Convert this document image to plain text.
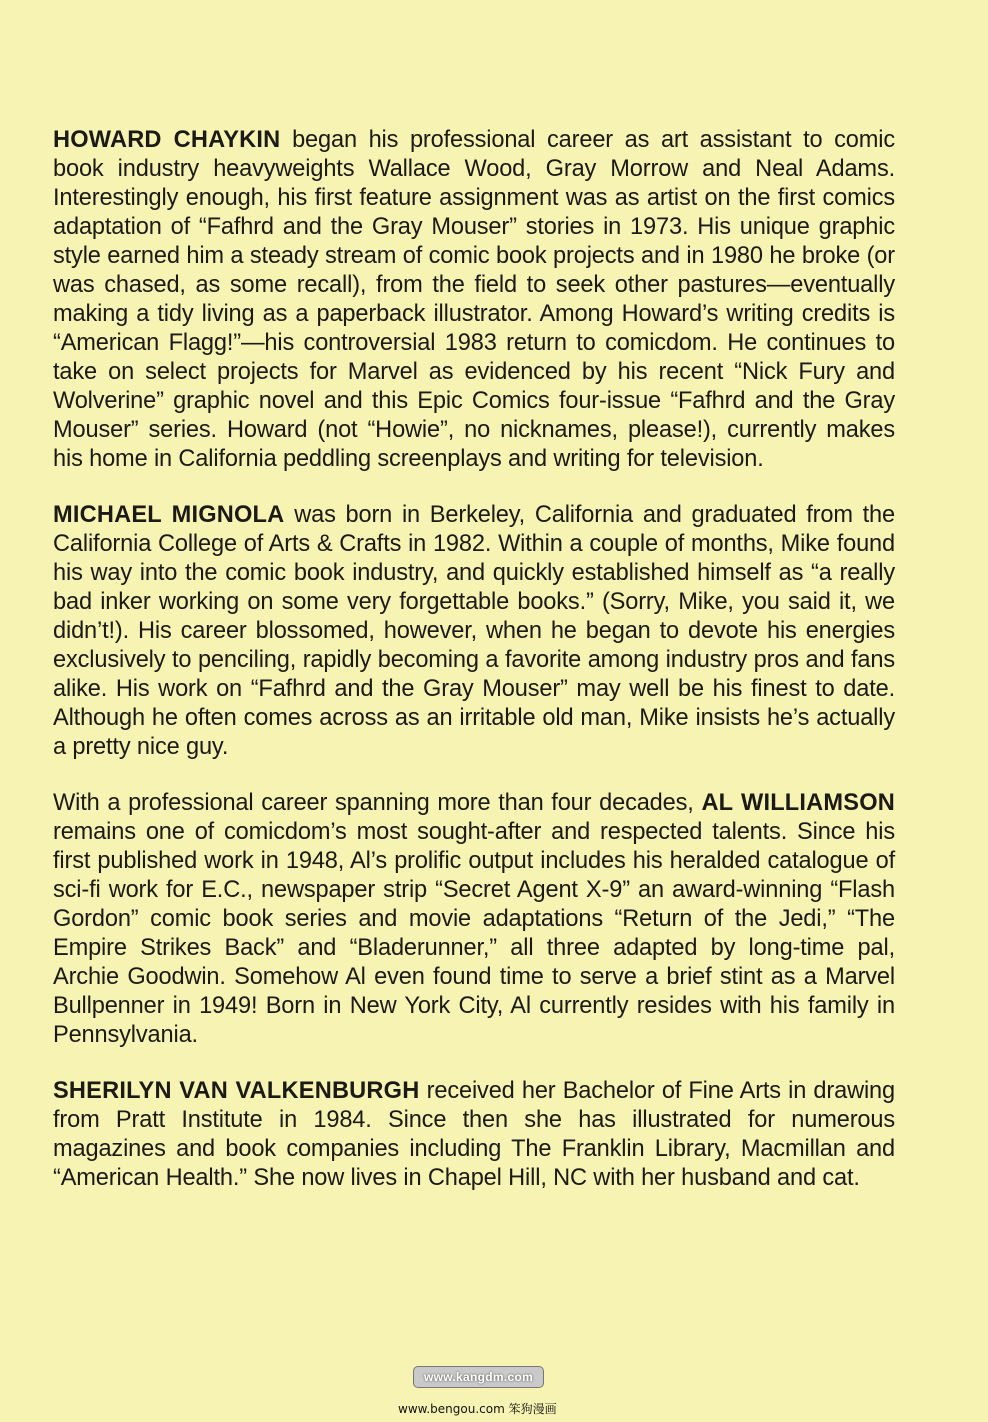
HOWARD CHAYKIN began his professional career as art assistant to comic book industry heavyweights Wallace Wood, Gray Morrow and Neal Adams. Interestingly enough, his first feature assignment was as artist on the first comics adaptation of “Fafhrd and the Gray Mouser” stories in 1973. His unique graphic style earned him a steady stream of comic book projects and in 1980 he broke (or was chased, as some recall), from the field to seek other pastures—eventually making a tidy living as a paperback illustrator. Among Howard’s writing credits is “American Flagg!”—his controversial 1983 return to comicdom. He continues to take on select projects for Marvel as evidenced by his recent “Nick Fury and Wolverine” graphic novel and this Epic Comics four-issue “Fafhrd and the Gray Mouser” series. Howard (not “Howie”, no nicknames, please!), currently makes his home in California peddling screenplays and writing for television.

MICHAEL MIGNOLA was born in Berkeley, California and graduated from the California College of Arts & Crafts in 1982. Within a couple of months, Mike found his way into the comic book industry, and quickly established himself as “a really bad inker working on some very forgettable books.” (Sorry, Mike, you said it, we didn’t!). His career blossomed, however, when he began to devote his energies exclusively to penciling, rapidly becoming a favorite among industry pros and fans alike. His work on “Fafhrd and the Gray Mouser” may well be his finest to date. Although he often comes across as an irritable old man, Mike insists he’s actually a pretty nice guy.

With a professional career spanning more than four decades, AL WILLIAMSON remains one of comicdom’s most sought-after and respected talents. Since his first published work in 1948, Al’s prolific output includes his heralded catalogue of sci-fi work for E.C., newspaper strip “Secret Agent X-9” an award-winning “Flash Gordon” comic book series and movie adaptations “Return of the Jedi,” “The Empire Strikes Back” and “Bladerunner,” all three adapted by long-time pal, Archie Goodwin. Somehow Al even found time to serve a brief stint as a Marvel Bullpenner in 1949! Born in New York City, Al currently resides with his family in Pennsylvania.

SHERILYN VAN VALKENBURGH received her Bachelor of Fine Arts in drawing from Pratt Institute in 1984. Since then she has illustrated for numerous magazines and book companies including The Franklin Library, Macmillan and “American Health.” She now lives in Chapel Hill, NC with her husband and cat.

www.kangdm.com
www.bengou.com 笨狗漫画
